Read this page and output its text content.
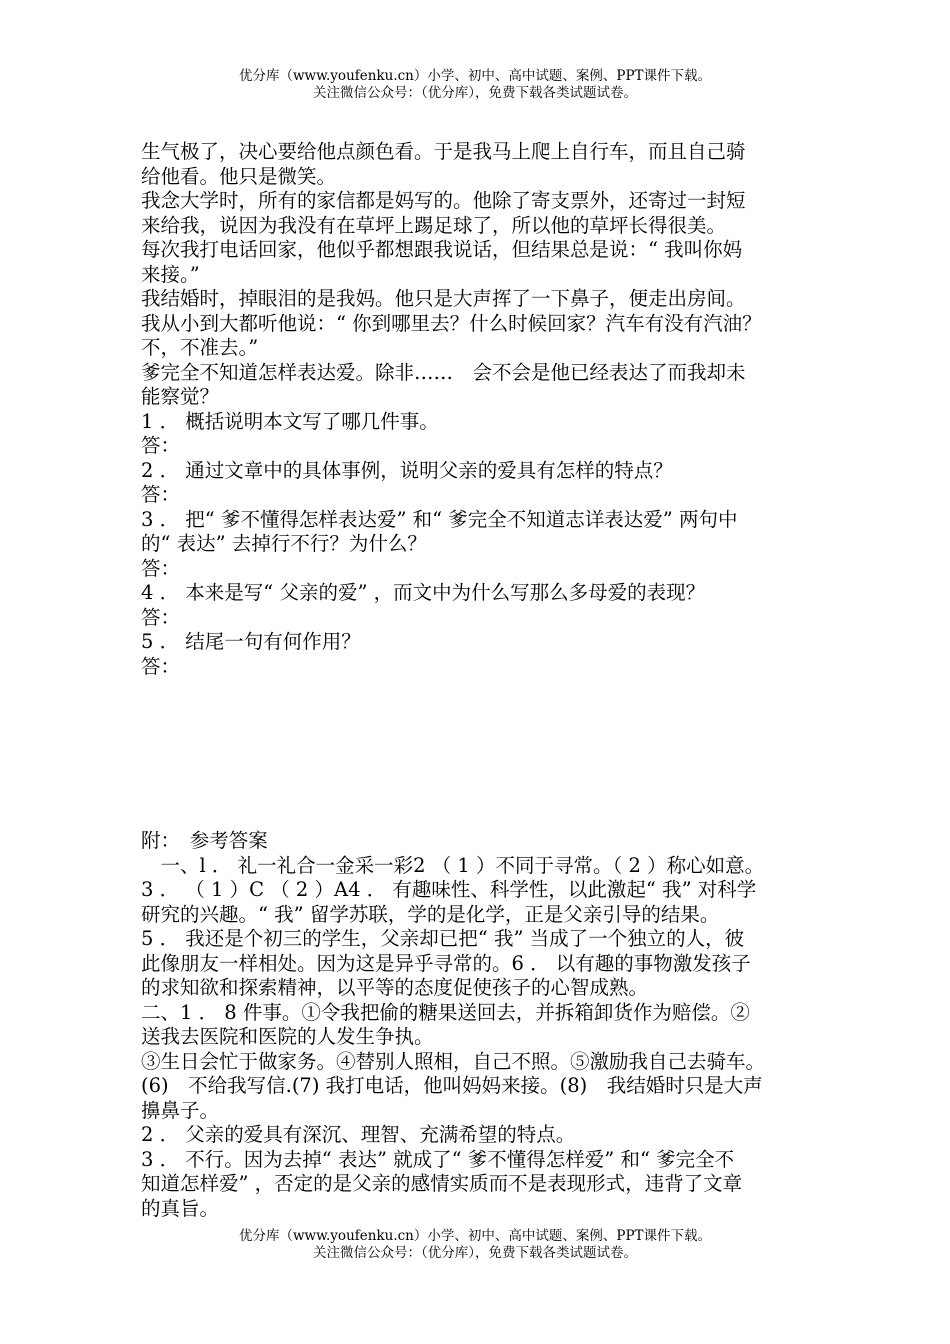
优分库（www.youfenku.cn）小学、初中、高中试题、案例、PPT课件下载。
关注微信公众号：（优分库），免费下载各类试题试卷。

生气极了，决心要给他点颜色看。于是我马上爬上自行车，而且自己骑

给他看。他只是微笑。

我念大学时，所有的家信都是妈写的。他除了寄支票外，还寄过一封短

来给我，说因为我没有在草坪上踢足球了，所以他的草坪长得很美。

每次我打电话回家，他似乎都想跟我说话，但结果总是说：“ 我叫你妈

来接。”

我结婚时，掉眼泪的是我妈。他只是大声挥了一下鼻子，便走出房间。

我从小到大都听他说：“ 你到哪里去？什么时候回家？汽车有没有汽油？

不，不准去。”

爹完全不知道怎样表达爱。除非……　会不会是他已经表达了而我却未

能察觉？

1 ． 概括说明本文写了哪几件事。

答：

2 ． 通过文章中的具体事例，说明父亲的爱具有怎样的特点？

答：

3 ． 把“ 爹不懂得怎样表达爱” 和“ 爹完全不知道志详表达爱” 两句中

的“ 表达” 去掉行不行？为什么？

答：

4 ． 本来是写“ 父亲的爱” ，而文中为什么写那么多母爱的表现？

答：

5 ． 结尾一句有何作用？

答：

附：　参考答案

　一、l ． 礼一礼合一金采一彩2 （ 1 ）不同于寻常。（ 2 ）称心如意。

3 ． （ 1 ）C （ 2 ）A4 ． 有趣味性、科学性，以此激起“ 我” 对科学

研究的兴趣。“ 我” 留学苏联，学的是化学，正是父亲引导的结果。

5 ． 我还是个初三的学生，父亲却已把“ 我” 当成了一个独立的人，彼

此像朋友一样相处。因为这是异乎寻常的。6 ． 以有趣的事物激发孩子

的求知欲和探索精神，以平等的态度促使孩子的心智成熟。

二、1 ． 8 件事。①令我把偷的糖果送回去，并拆箱卸货作为赔偿。②

送我去医院和医院的人发生争执。

③生日会忙于做家务。④替别人照相，自己不照。⑤激励我自己去骑车。

(6)　不给我写信.(7) 我打电话，他叫妈妈来接。(8)　我结婚时只是大声

擤鼻子。

2 ． 父亲的爱具有深沉、理智、充满希望的特点。

3 ． 不行。因为去掉“ 表达” 就成了“ 爹不懂得怎样爱” 和“ 爹完全不

知道怎样爱” ，否定的是父亲的感情实质而不是表现形式，违背了文章

的真旨。

优分库（www.youfenku.cn）小学、初中、高中试题、案例、PPT课件下载。
关注微信公众号：（优分库），免费下载各类试题试卷。
